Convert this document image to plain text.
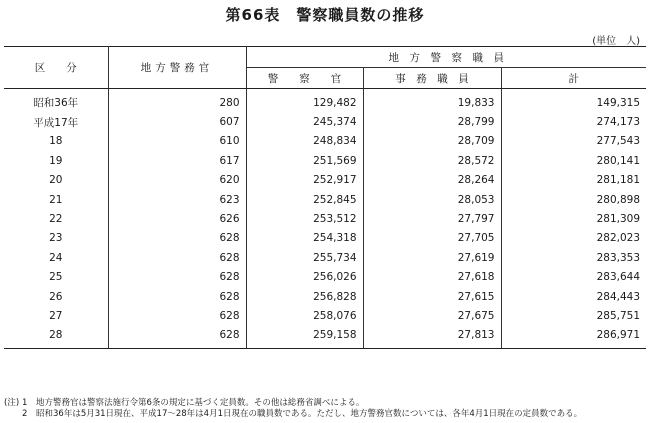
第66表　警察職員数の推移
(単位　人)
区　　分	地方警務官	地　方　警　察　職　員		
		警　　察　　官	事　務　職　員	計
昭和36年	280	129,482	19,833	149,315
平成17年	607	245,374	28,799	274,173
18	610	248,834	28,709	277,543
19	617	251,569	28,572	280,141
20	620	252,917	28,264	281,181
21	623	252,845	28,053	280,898
22	626	253,512	27,797	281,309
23	628	254,318	27,705	282,023
24	628	255,734	27,619	283,353
25	628	256,026	27,618	283,644
26	628	256,828	27,615	284,443
27	628	258,076	27,675	285,751
28	628	259,158	27,813	286,971
(注) 1	地方警務官は警察法施行令第6条の規定に基づく定員数。その他は総務省調べによる。
2	昭和36年は5月31日現在、平成17～28年は4月1日現在の職員数である。ただし、地方警務官数については、各年4月1日現在の定員数である。
